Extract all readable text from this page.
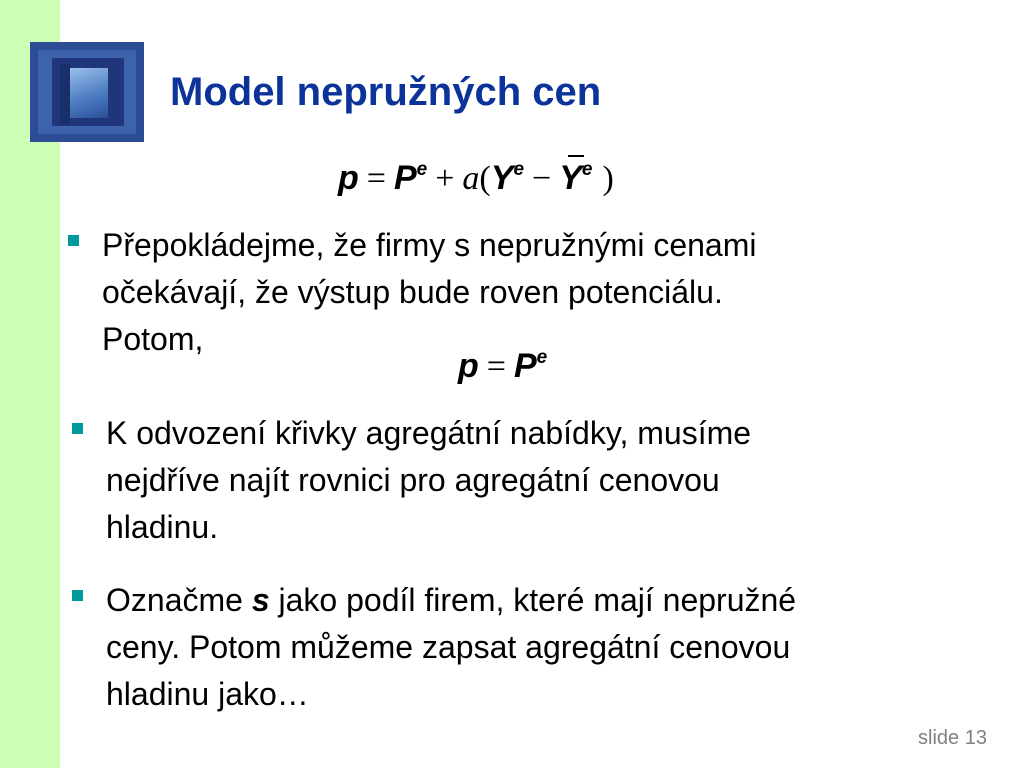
Model nepružných cen
$p = P^e + a(Y^e - Y^e$ )
Přepokládejme, že firmy s nepružnými cenami
očekávají, že výstup bude roven potenciálu.
Potom,
$p = P^e$
K odvození křivky agregátní nabídky, musíme
nejdříve najít rovnici pro agregátní cenovou
hladinu.
Označme s jako podíl firem, které mají nepružné
ceny. Potom můžeme zapsat agregátní cenovou
hladinu jako…
slide 13
